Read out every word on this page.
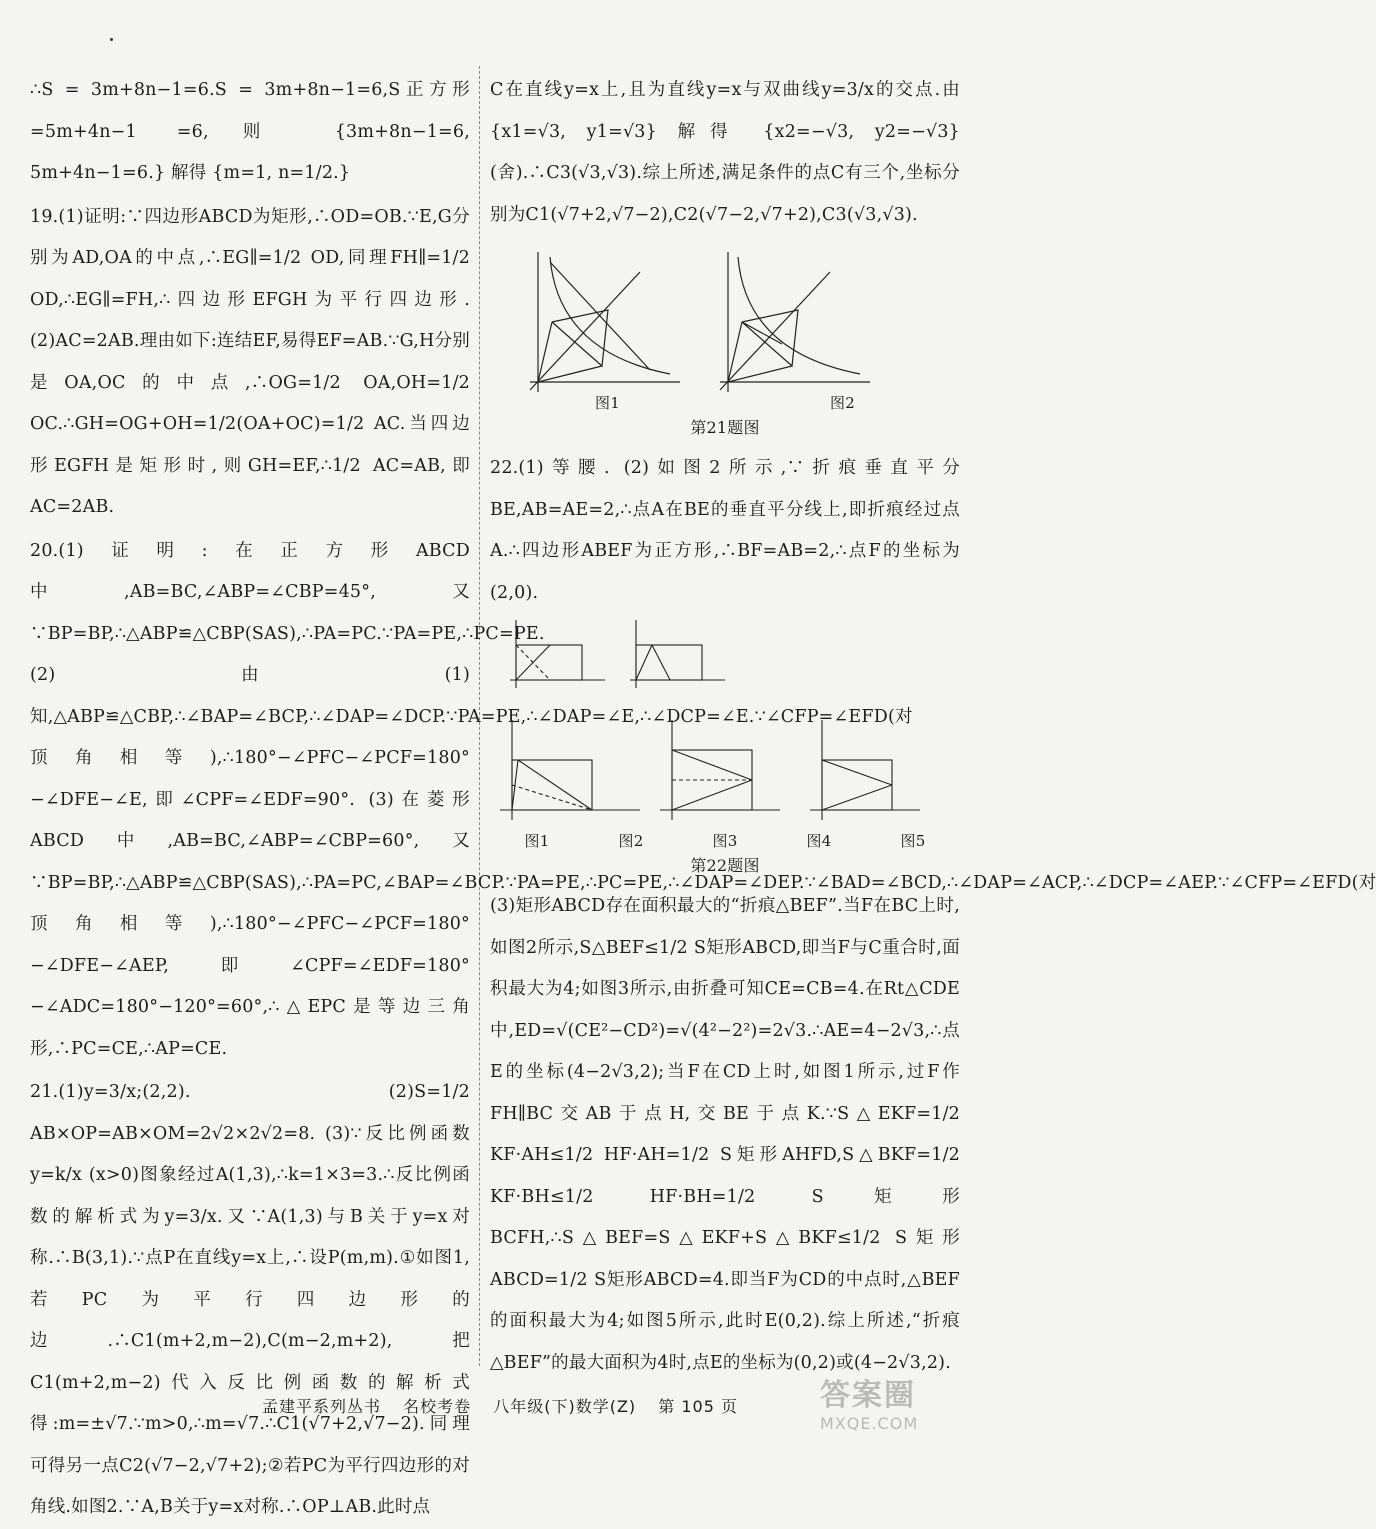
∴S = 3m+8n−1=6.S = 3m+8n−1=6,S正方形 =5m+4n−1 =6,则 {3m+8n−1=6, 5m+4n−1=6.} 解得 {m=1, n=1/2.}

19.(1)证明:∵四边形ABCD为矩形,∴OD=OB.∵E,G分别为AD,OA的中点,∴EG∥=1/2 OD,同理FH∥=1/2 OD,∴EG∥=FH,∴四边形EFGH为平行四边形. (2)AC=2AB.理由如下:连结EF,易得EF=AB.∵G,H分别是OA,OC的中点,∴OG=1/2 OA,OH=1/2 OC.∴GH=OG+OH=1/2(OA+OC)=1/2 AC.当四边形EGFH是矩形时,则GH=EF,∴1/2 AC=AB,即AC=2AB.

20.(1)证明:在正方形ABCD中,AB=BC,∠ABP=∠CBP=45°,又∵BP=BP,∴△ABP≌△CBP(SAS),∴PA=PC.∵PA=PE,∴PC=PE. (2)由(1)知,△ABP≌△CBP,∴∠BAP=∠BCP,∴∠DAP=∠DCP.∵PA=PE,∴∠DAP=∠E,∴∠DCP=∠E.∵∠CFP=∠EFD(对顶角相等),∴180°−∠PFC−∠PCF=180°−∠DFE−∠E,即∠CPF=∠EDF=90°. (3)在菱形ABCD中,AB=BC,∠ABP=∠CBP=60°,又∵BP=BP,∴△ABP≌△CBP(SAS),∴PA=PC,∠BAP=∠BCP.∵PA=PE,∴PC=PE,∴∠DAP=∠DEP.∵∠BAD=∠BCD,∴∠DAP=∠ACP,∴∠DCP=∠AEP.∵∠CFP=∠EFD(对顶角相等),∴180°−∠PFC−∠PCF=180°−∠DFE−∠AEP,即∠CPF=∠EDF=180°−∠ADC=180°−120°=60°,∴△EPC是等边三角形,∴PC=CE,∴AP=CE.

21.(1)y=3/x;(2,2). (2)S=1/2 AB×OP=AB×OM=2√2×2√2=8. (3)∵反比例函数 y=k/x (x>0)图象经过A(1,3),∴k=1×3=3.∴反比例函数的解析式为y=3/x.又∵A(1,3)与B关于y=x对称.∴B(3,1).∵点P在直线y=x上,∴设P(m,m).①如图1,若PC为平行四边形的边.∴C1(m+2,m−2),C(m−2,m+2),把C1(m+2,m−2)代入反比例函数的解析式得:m=±√7.∵m>0,∴m=√7.∴C1(√7+2,√7−2).同理可得另一点C2(√7−2,√7+2);②若PC为平行四边形的对角线.如图2.∵A,B关于y=x对称.∴OP⊥AB.此时点

C在直线y=x上,且为直线y=x与双曲线y=3/x的交点.由 {x1=√3, y1=√3} 解得 {x2=−√3, y2=−√3}(舍).∴C3(√3,√3).综上所述,满足条件的点C有三个,坐标分别为C1(√7+2,√7−2),C2(√7−2,√7+2),C3(√3,√3).

图1	图2
第21题图

22.(1)等腰. (2)如图2所示,∵折痕垂直平分BE,AB=AE=2,∴点A在BE的垂直平分线上,即折痕经过点A.∴四边形ABEF为正方形,∴BF=AB=2,∴点F的坐标为(2,0).

图1	图2	图3	图4	图5
第22题图

(3)矩形ABCD存在面积最大的“折痕△BEF”.当F在BC上时,如图2所示,S△BEF≤1/2 S矩形ABCD,即当F与C重合时,面积最大为4;如图3所示,由折叠可知CE=CB=4.在Rt△CDE中,ED=√(CE²−CD²)=√(4²−2²)=2√3.∴AE=4−2√3,∴点E的坐标(4−2√3,2);当F在CD上时,如图1所示,过F作FH∥BC交AB于点H,交BE于点K.∵S△EKF=1/2 KF·AH≤1/2 HF·AH=1/2 S矩形AHFD,S△BKF=1/2 KF·BH≤1/2 HF·BH=1/2 S矩形BCFH,∴S△BEF=S△EKF+S△BKF≤1/2 S矩形ABCD=1/2 S矩形ABCD=4.即当F为CD的中点时,△BEF的面积最大为4;如图5所示,此时E(0,2).综上所述,“折痕△BEF”的最大面积为4时,点E的坐标为(0,2)或(4−2√3,2).

孟建平系列丛书 名校考卷 八年级(下)数学(Z) 第 105 页	答案圈
MXQE.COM
